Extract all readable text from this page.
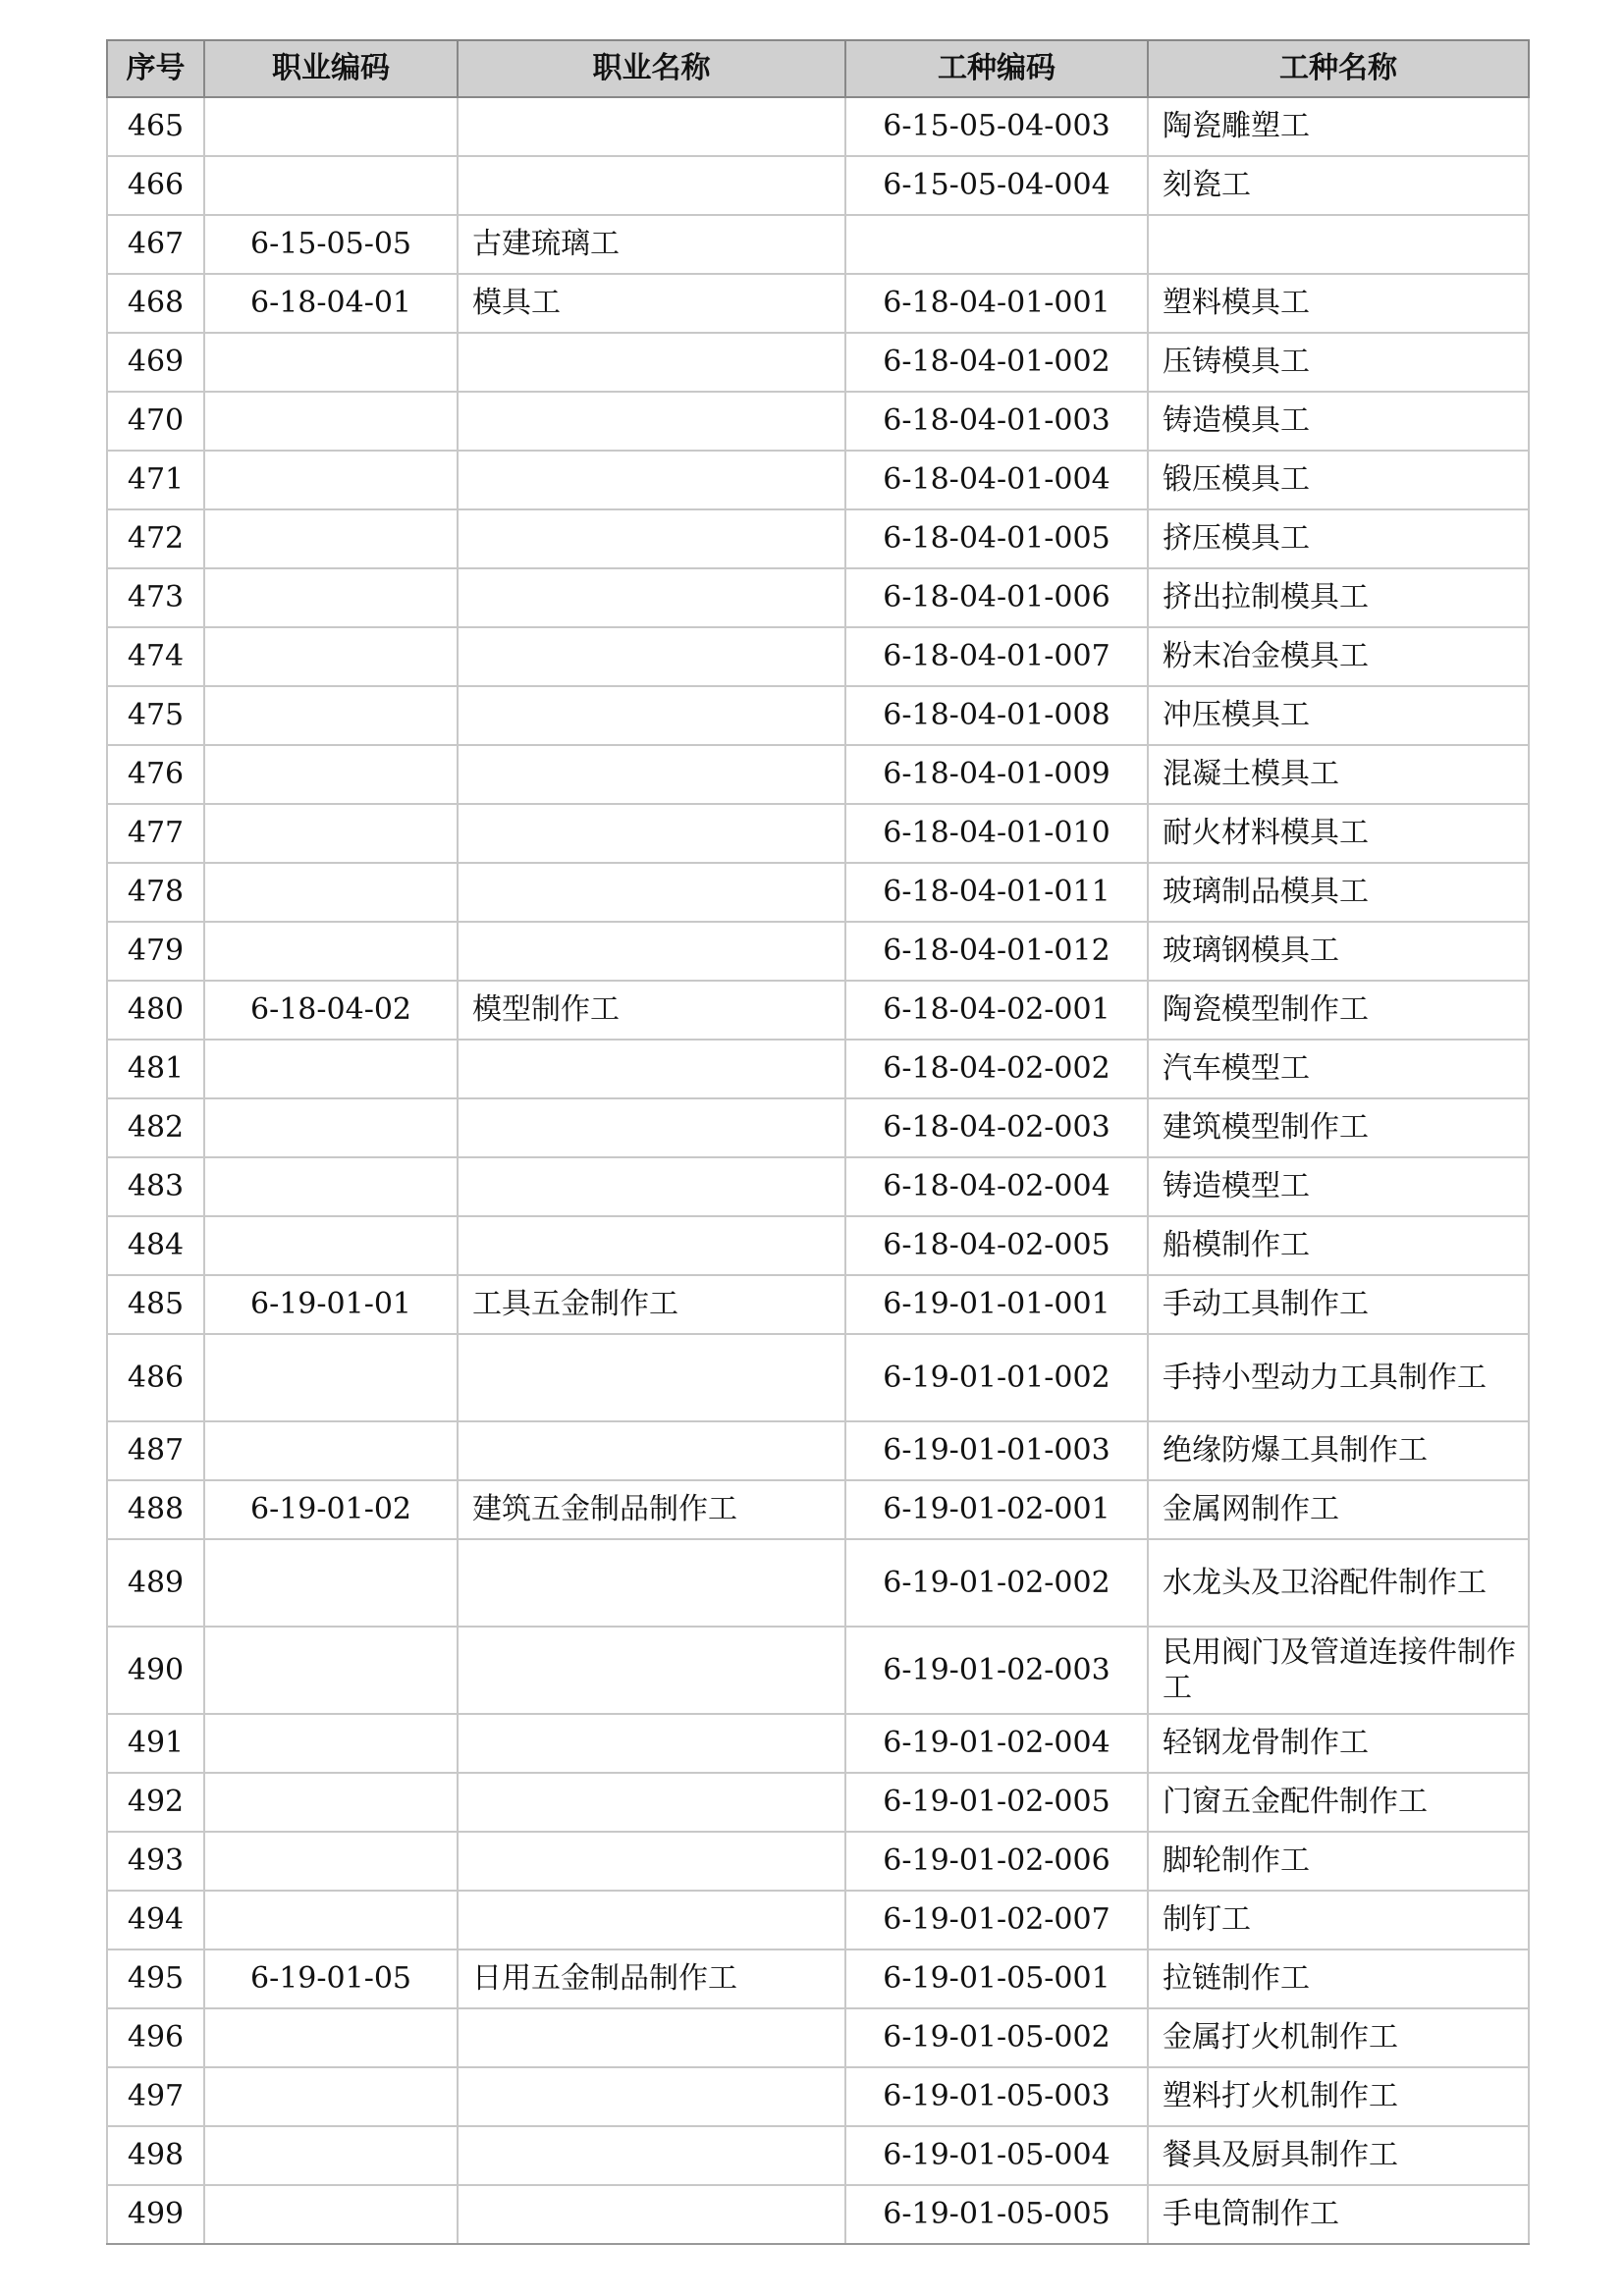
序号	职业编码	职业名称	工种编码	工种名称
465			6-15-05-04-003	陶瓷雕塑工
466			6-15-05-04-004	刻瓷工
467	6-15-05-05	古建琉璃工		
468	6-18-04-01	模具工	6-18-04-01-001	塑料模具工
469			6-18-04-01-002	压铸模具工
470			6-18-04-01-003	铸造模具工
471			6-18-04-01-004	锻压模具工
472			6-18-04-01-005	挤压模具工
473			6-18-04-01-006	挤出拉制模具工
474			6-18-04-01-007	粉末冶金模具工
475			6-18-04-01-008	冲压模具工
476			6-18-04-01-009	混凝土模具工
477			6-18-04-01-010	耐火材料模具工
478			6-18-04-01-011	玻璃制品模具工
479			6-18-04-01-012	玻璃钢模具工
480	6-18-04-02	模型制作工	6-18-04-02-001	陶瓷模型制作工
481			6-18-04-02-002	汽车模型工
482			6-18-04-02-003	建筑模型制作工
483			6-18-04-02-004	铸造模型工
484			6-18-04-02-005	船模制作工
485	6-19-01-01	工具五金制作工	6-19-01-01-001	手动工具制作工
486			6-19-01-01-002	手持小型动力工具制作工
487			6-19-01-01-003	绝缘防爆工具制作工
488	6-19-01-02	建筑五金制品制作工	6-19-01-02-001	金属网制作工
489			6-19-01-02-002	水龙头及卫浴配件制作工
490			6-19-01-02-003	民用阀门及管道连接件制作工
491			6-19-01-02-004	轻钢龙骨制作工
492			6-19-01-02-005	门窗五金配件制作工
493			6-19-01-02-006	脚轮制作工
494			6-19-01-02-007	制钉工
495	6-19-01-05	日用五金制品制作工	6-19-01-05-001	拉链制作工
496			6-19-01-05-002	金属打火机制作工
497			6-19-01-05-003	塑料打火机制作工
498			6-19-01-05-004	餐具及厨具制作工
499			6-19-01-05-005	手电筒制作工
